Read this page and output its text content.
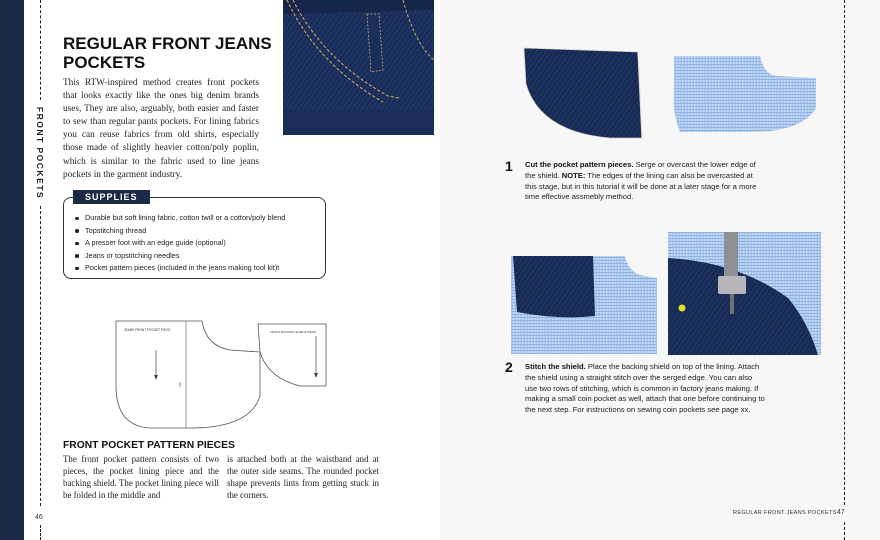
FRONT POCKETS
REGULAR FRONT JEANS POCKETS
This RTW-inspired method creates front pockets that looks exactly like the ones big denim brands uses, They are also, arguably, both easier and faster to sew than regular pants pockets. For lining fabrics you can reuse fabrics from old shirts, especially those made of slightly heavier cotton/poly poplin, which is similar to the fabric used to line jeans pockets in the garment industry.
SUPPLIES
Durable but soft lining fabric, cotton twill or a cotton/poly blend
Topstitching thread
A presser foot with an edge guide (optional)
Jeans or topstitching needles
Pocket pattern pieces (included in the jeans making tool kit)t
JEANS FRONT POCKET PIECE	FRONT BACKING SHIELD PIECE
FRONT POCKET PATTERN PIECES
The front pocket pattern consists of two pieces, the pocket lining piece and the backing shield. The pocket lining piece will be folded in the middle and
is attached both at the waistband and at the outer side seams. The rounded pocket shape prevents lints from getting stuck in the corners.
46
1 Cut the pocket pattern pieces. Serge or overcast the lower edge of the shield. NOTE: The edges of the lining can also be overcasted at this stage, but in this tutorial it will be done at a later stage for a more time effective assmebly method.
2 Stitch the shield. Place the backing shield on top of the lining. Attach the shield using a straight stitch over the serged edge. You can also use two rows of stitching, which is common in factory jeans making. If making a small coin pocket as well, attach that one before continuing to the next step. For instructions on sewing coin pockets see page xx.
REGULAR FRONT JEANS POCKETS 47
